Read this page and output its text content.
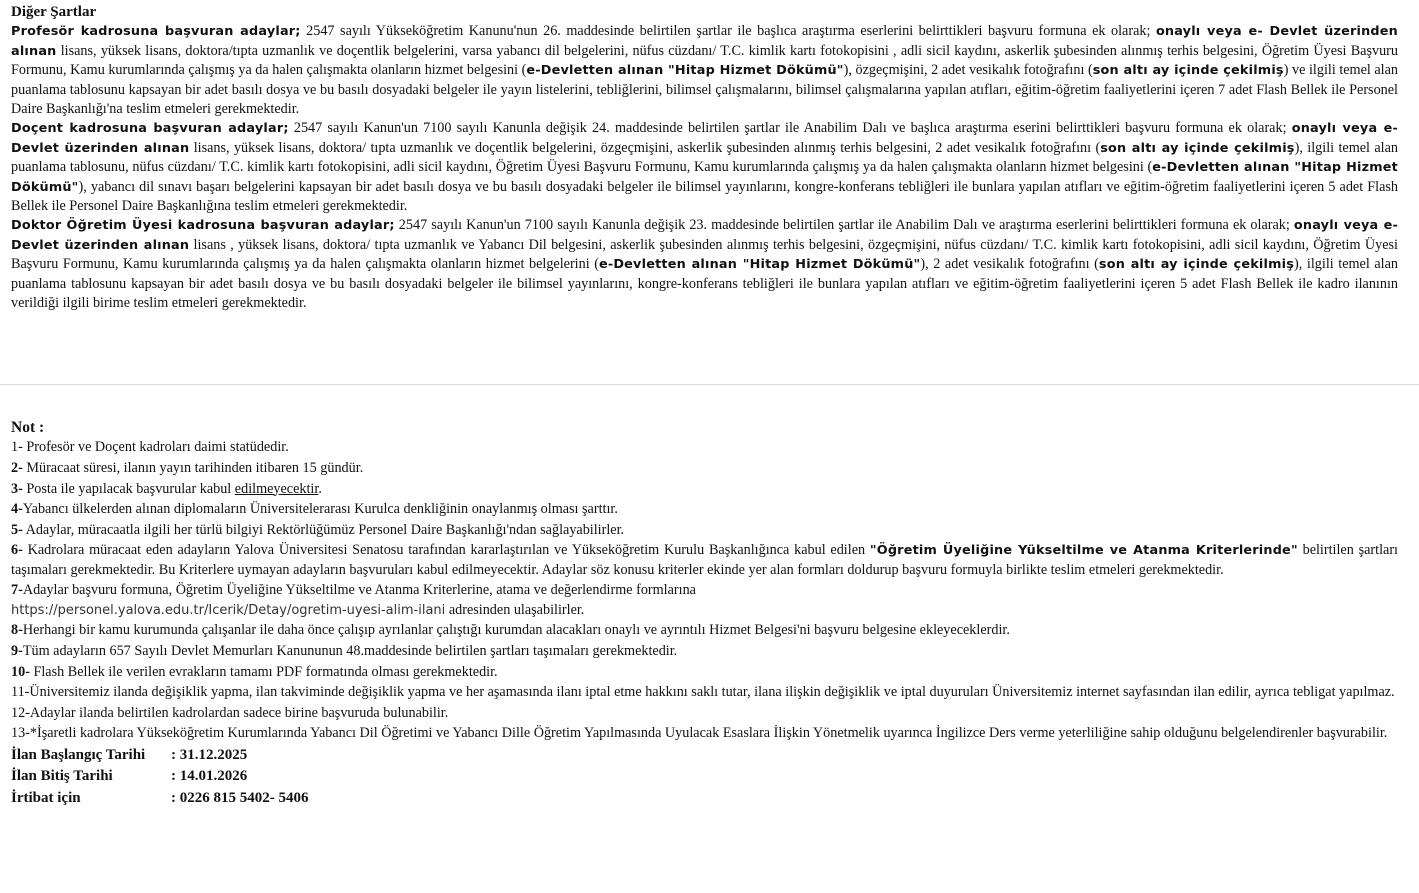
Diğer Şartlar

Profesör kadrosuna başvuran adaylar; 2547 sayılı Yükseköğretim Kanunu'nun 26. maddesinde belirtilen şartlar ile başlıca araştırma eserlerini belirttikleri başvuru formuna ek olarak; onaylı veya e- Devlet üzerinden alınan lisans, yüksek lisans, doktora/tıpta uzmanlık ve doçentlik belgelerini, varsa yabancı dil belgelerini, nüfus cüzdanı/ T.C. kimlik kartı fotokopisini , adli sicil kaydını, askerlik şubesinden alınmış terhis belgesini, Öğretim Üyesi Başvuru Formunu, Kamu kurumlarında çalışmış ya da halen çalışmakta olanların hizmet belgesini (e-Devletten alınan "Hitap Hizmet Dökümü"), özgeçmişini, 2 adet vesikalık fotoğrafını (son altı ay içinde çekilmiş) ve ilgili temel alan puanlama tablosunu kapsayan bir adet basılı dosya ve bu basılı dosyadaki belgeler ile yayın listelerini, tebliğlerini, bilimsel çalışmalarını, bilimsel çalışmalarına yapılan atıfları, eğitim-öğretim faaliyetlerini içeren 7 adet Flash Bellek ile Personel Daire Başkanlığı'na teslim etmeleri gerekmektedir.

Doçent kadrosuna başvuran adaylar; 2547 sayılı Kanun'un 7100 sayılı Kanunla değişik 24. maddesinde belirtilen şartlar ile Anabilim Dalı ve başlıca araştırma eserini belirttikleri başvuru formuna ek olarak; onaylı veya e- Devlet üzerinden alınan lisans, yüksek lisans, doktora/ tıpta uzmanlık ve doçentlik belgelerini, özgeçmişini, askerlik şubesinden alınmış terhis belgesini, 2 adet vesikalık fotoğrafını (son altı ay içinde çekilmiş), ilgili temel alan puanlama tablosunu, nüfus cüzdanı/ T.C. kimlik kartı fotokopisini, adli sicil kaydını, Öğretim Üyesi Başvuru Formunu, Kamu kurumlarında çalışmış ya da halen çalışmakta olanların hizmet belgesini (e-Devletten alınan "Hitap Hizmet Dökümü"), yabancı dil sınavı başarı belgelerini kapsayan bir adet basılı dosya ve bu basılı dosyadaki belgeler ile bilimsel yayınlarını, kongre-konferans tebliğleri ile bunlara yapılan atıfları ve eğitim-öğretim faaliyetlerini içeren 5 adet Flash Bellek ile Personel Daire Başkanlığına teslim etmeleri gerekmektedir.

Doktor Öğretim Üyesi kadrosuna başvuran adaylar; 2547 sayılı Kanun'un 7100 sayılı Kanunla değişik 23. maddesinde belirtilen şartlar ile Anabilim Dalı ve araştırma eserlerini belirttikleri formuna ek olarak; onaylı veya e- Devlet üzerinden alınan lisans , yüksek lisans, doktora/ tıpta uzmanlık ve Yabancı Dil belgesini, askerlik şubesinden alınmış terhis belgesini, özgeçmişini, nüfus cüzdanı/ T.C. kimlik kartı fotokopisini, adli sicil kaydını, Öğretim Üyesi Başvuru Formunu, Kamu kurumlarında çalışmış ya da halen çalışmakta olanların hizmet belgelerini (e-Devletten alınan "Hitap Hizmet Dökümü"), 2 adet vesikalık fotoğrafını (son altı ay içinde çekilmiş), ilgili temel alan puanlama tablosunu kapsayan bir adet basılı dosya ve bu basılı dosyadaki belgeler ile bilimsel yayınlarını, kongre-konferans tebliğleri ile bunlara yapılan atıfları ve eğitim-öğretim faaliyetlerini içeren 5 adet Flash Bellek ile kadro ilanının verildiği ilgili birime teslim etmeleri gerekmektedir.

Not :

1- Profesör ve Doçent kadroları daimi statüdedir.

2- Müracaat süresi, ilanın yayın tarihinden itibaren 15 gündür.

3- Posta ile yapılacak başvurular kabul edilmeyecektir.

4-Yabancı ülkelerden alınan diplomaların Üniversitelerarası Kurulca denkliğinin onaylanmış olması şarttır.

5- Adaylar, müracaatla ilgili her türlü bilgiyi Rektörlüğümüz Personel Daire Başkanlığı'ndan sağlayabilirler.

6- Kadrolara müracaat eden adayların Yalova Üniversitesi Senatosu tarafından kararlaştırılan ve Yükseköğretim Kurulu Başkanlığınca kabul edilen "Öğretim Üyeliğine Yükseltilme ve Atanma Kriterlerinde" belirtilen şartları taşımaları gerekmektedir. Bu Kriterlere uymayan adayların başvuruları kabul edilmeyecektir. Adaylar söz konusu kriterler ekinde yer alan formları doldurup başvuru formuyla birlikte teslim etmeleri gerekmektedir.

7-Adaylar başvuru formuna, Öğretim Üyeliğine Yükseltilme ve Atanma Kriterlerine, atama ve değerlendirme formlarına
https://personel.yalova.edu.tr/Icerik/Detay/ogretim-uyesi-alim-ilani adresinden ulaşabilirler.

8-Herhangi bir kamu kurumunda çalışanlar ile daha önce çalışıp ayrılanlar çalıştığı kurumdan alacakları onaylı ve ayrıntılı Hizmet Belgesi'ni başvuru belgesine ekleyeceklerdir.

9-Tüm adayların 657 Sayılı Devlet Memurları Kanununun 48.maddesinde belirtilen şartları taşımaları gerekmektedir.

10- Flash Bellek ile verilen evrakların tamamı PDF formatında olması gerekmektedir.

11-Üniversitemiz ilanda değişiklik yapma, ilan takviminde değişiklik yapma ve her aşamasında ilanı iptal etme hakkını saklı tutar, ilana ilişkin değişiklik ve iptal duyuruları Üniversitemiz internet sayfasından ilan edilir, ayrıca tebligat yapılmaz.

12-Adaylar ilanda belirtilen kadrolardan sadece birine başvuruda bulunabilir.

13-*İşaretli kadrolara Yükseköğretim Kurumlarında Yabancı Dil Öğretimi ve Yabancı Dille Öğretim Yapılmasında Uyulacak Esaslara İlişkin Yönetmelik uyarınca İngilizce Ders verme yeterliliğine sahip olduğunu belgelendirenler başvurabilir.

İlan Başlangıç Tarihi	: 31.12.2025
İlan Bitiş Tarihi	: 14.01.2026
İrtibat için	: 0226 815 5402- 5406
